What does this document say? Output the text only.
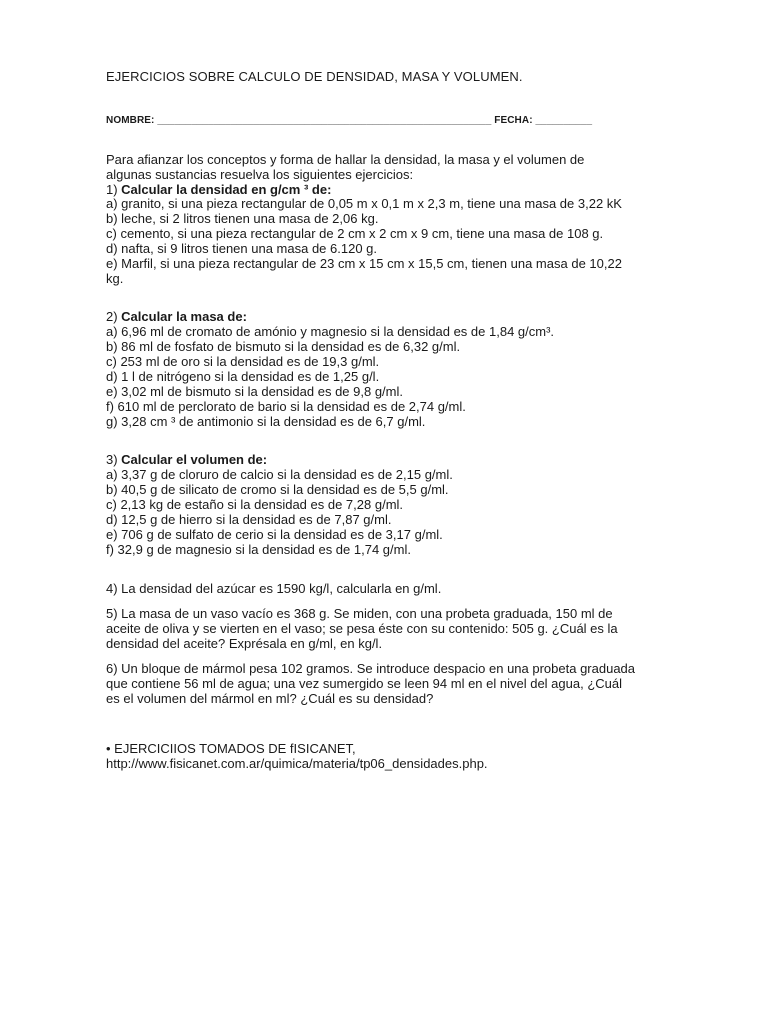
EJERCICIOS SOBRE CALCULO DE DENSIDAD, MASA Y VOLUMEN.
NOMBRE: ___________________________________________________________ FECHA: __________
Para afianzar los conceptos y forma de hallar la densidad, la masa y el volumen de
algunas sustancias resuelva los siguientes ejercicios:
1) Calcular la densidad en g/cm ³ de:
a) granito, si una pieza rectangular de 0,05 m x 0,1 m x 2,3 m, tiene una masa de 3,22 kK
b) leche, si 2 litros tienen una masa de 2,06 kg.
c) cemento, si una pieza rectangular de 2 cm x 2 cm x 9 cm, tiene una masa de 108 g.
d) nafta, si 9 litros tienen una masa de 6.120 g.
e) Marfil, si una pieza rectangular de 23 cm x 15 cm x 15,5 cm, tienen una masa de 10,22
kg.
2) Calcular la masa de:
a) 6,96 ml de cromato de amónio y magnesio si la densidad es de 1,84 g/cm³.
b) 86 ml de fosfato de bismuto si la densidad es de 6,32 g/ml.
c) 253 ml de oro si la densidad es de 19,3 g/ml.
d) 1 l de nitrógeno si la densidad es de 1,25 g/l.
e) 3,02 ml de bismuto si la densidad es de 9,8 g/ml.
f) 610 ml de perclorato de bario si la densidad es de 2,74 g/ml.
g) 3,28 cm ³ de antimonio si la densidad es de 6,7 g/ml.
3) Calcular el volumen de:
a) 3,37 g de cloruro de calcio si la densidad es de 2,15 g/ml.
b) 40,5 g de silicato de cromo si la densidad es de 5,5 g/ml.
c) 2,13 kg de estaño si la densidad es de 7,28 g/ml.
d) 12,5 g de hierro si la densidad es de 7,87 g/ml.
e) 706 g de sulfato de cerio si la densidad es de 3,17 g/ml.
f) 32,9 g de magnesio si la densidad es de 1,74 g/ml.
4) La densidad del azúcar es 1590 kg/l, calcularla en g/ml.
5) La masa de un vaso vacío es 368 g. Se miden, con una probeta graduada, 150 ml de
aceite de oliva y se vierten en el vaso; se pesa éste con su contenido: 505 g. ¿Cuál es la
densidad del aceite? Exprésala en g/ml, en kg/l.
6) Un bloque de mármol pesa 102 gramos. Se introduce despacio en una probeta graduada
que contiene 56 ml de agua; una vez sumergido se leen 94 ml en el nivel del agua, ¿Cuál
es el volumen del mármol en ml? ¿Cuál es su densidad?
• EJERCICIIOS TOMADOS DE fISICANET,
http://www.fisicanet.com.ar/quimica/materia/tp06_densidades.php.
